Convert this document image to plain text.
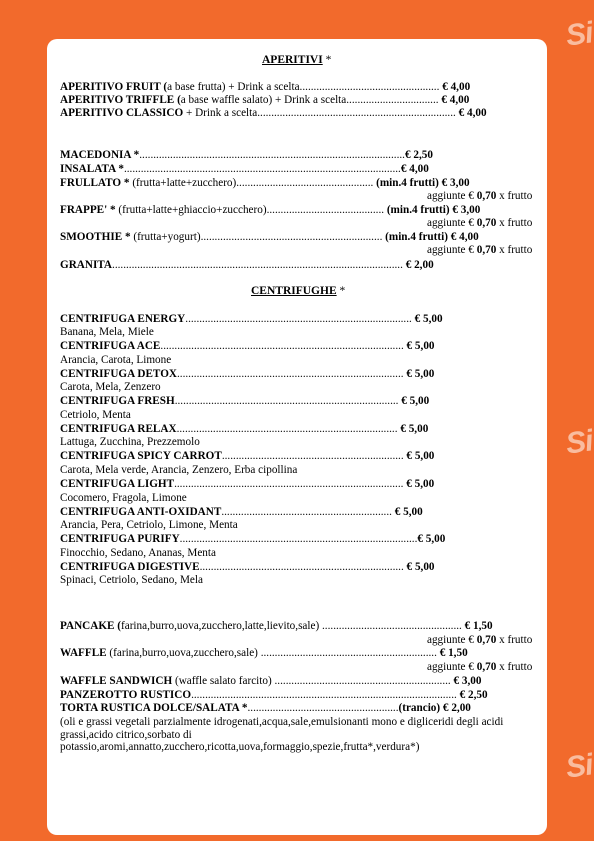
Si
Si
Si
APERITIVI *
APERITIVO FRUIT (a base frutta) + Drink a scelta.................................................. € 4,00
APERITIVO TRIFFLE (a base waffle salato) + Drink a scelta................................. € 4,00
APERITIVO CLASSICO + Drink a scelta....................................................................... € 4,00
MACEDONIA *...............................................................................................€ 2,50
INSALATA *...................................................................................................€ 4,00
FRULLATO * (frutta+latte+zucchero)................................................. (min.4 frutti) € 3,00
aggiunte € 0,70 x frutto
FRAPPE' * (frutta+latte+ghiaccio+zucchero).......................................... (min.4 frutti) € 3,00
aggiunte € 0,70 x frutto
SMOOTHIE * (frutta+yogurt)................................................................. (min.4 frutti) € 4,00
aggiunte € 0,70 x frutto
GRANITA........................................................................................................ € 2,00
CENTRIFUGHE *
CENTRIFUGA ENERGY................................................................................. € 5,00
Banana, Mela, Miele
CENTRIFUGA ACE....................................................................................... € 5,00
Arancia, Carota, Limone
CENTRIFUGA DETOX................................................................................. € 5,00
Carota, Mela, Zenzero
CENTRIFUGA FRESH................................................................................ € 5,00
Cetriolo, Menta
CENTRIFUGA RELAX............................................................................... € 5,00
Lattuga, Zucchina, Prezzemolo
CENTRIFUGA SPICY CARROT................................................................. € 5,00
Carota, Mela verde, Arancia, Zenzero, Erba cipollina
CENTRIFUGA LIGHT.................................................................................. € 5,00
Cocomero, Fragola, Limone
CENTRIFUGA ANTI-OXIDANT............................................................. € 5,00
Arancia, Pera, Cetriolo, Limone, Menta
CENTRIFUGA PURIFY.....................................................................................€ 5,00
Finocchio, Sedano, Ananas, Menta
CENTRIFUGA DIGESTIVE......................................................................... € 5,00
Spinaci, Cetriolo, Sedano, Mela
PANCAKE (farina,burro,uova,zucchero,latte,lievito,sale) .................................................. € 1,50
aggiunte € 0,70 x frutto
WAFFLE (farina,burro,uova,zucchero,sale) ............................................................... € 1,50
aggiunte € 0,70 x frutto
WAFFLE SANDWICH (waffle salato farcito) ............................................................... € 3,00
PANZEROTTO RUSTICO............................................................................................... € 2,50
TORTA RUSTICA DOLCE/SALATA *......................................................(trancio) € 2,00
(oli e grassi vegetali parzialmente idrogenati,acqua,sale,emulsionanti mono e digliceridi degli acidi grassi,acido citrico,sorbato di potassio,aromi,annatto,zucchero,ricotta,uova,formaggio,spezie,frutta*,verdura*)
